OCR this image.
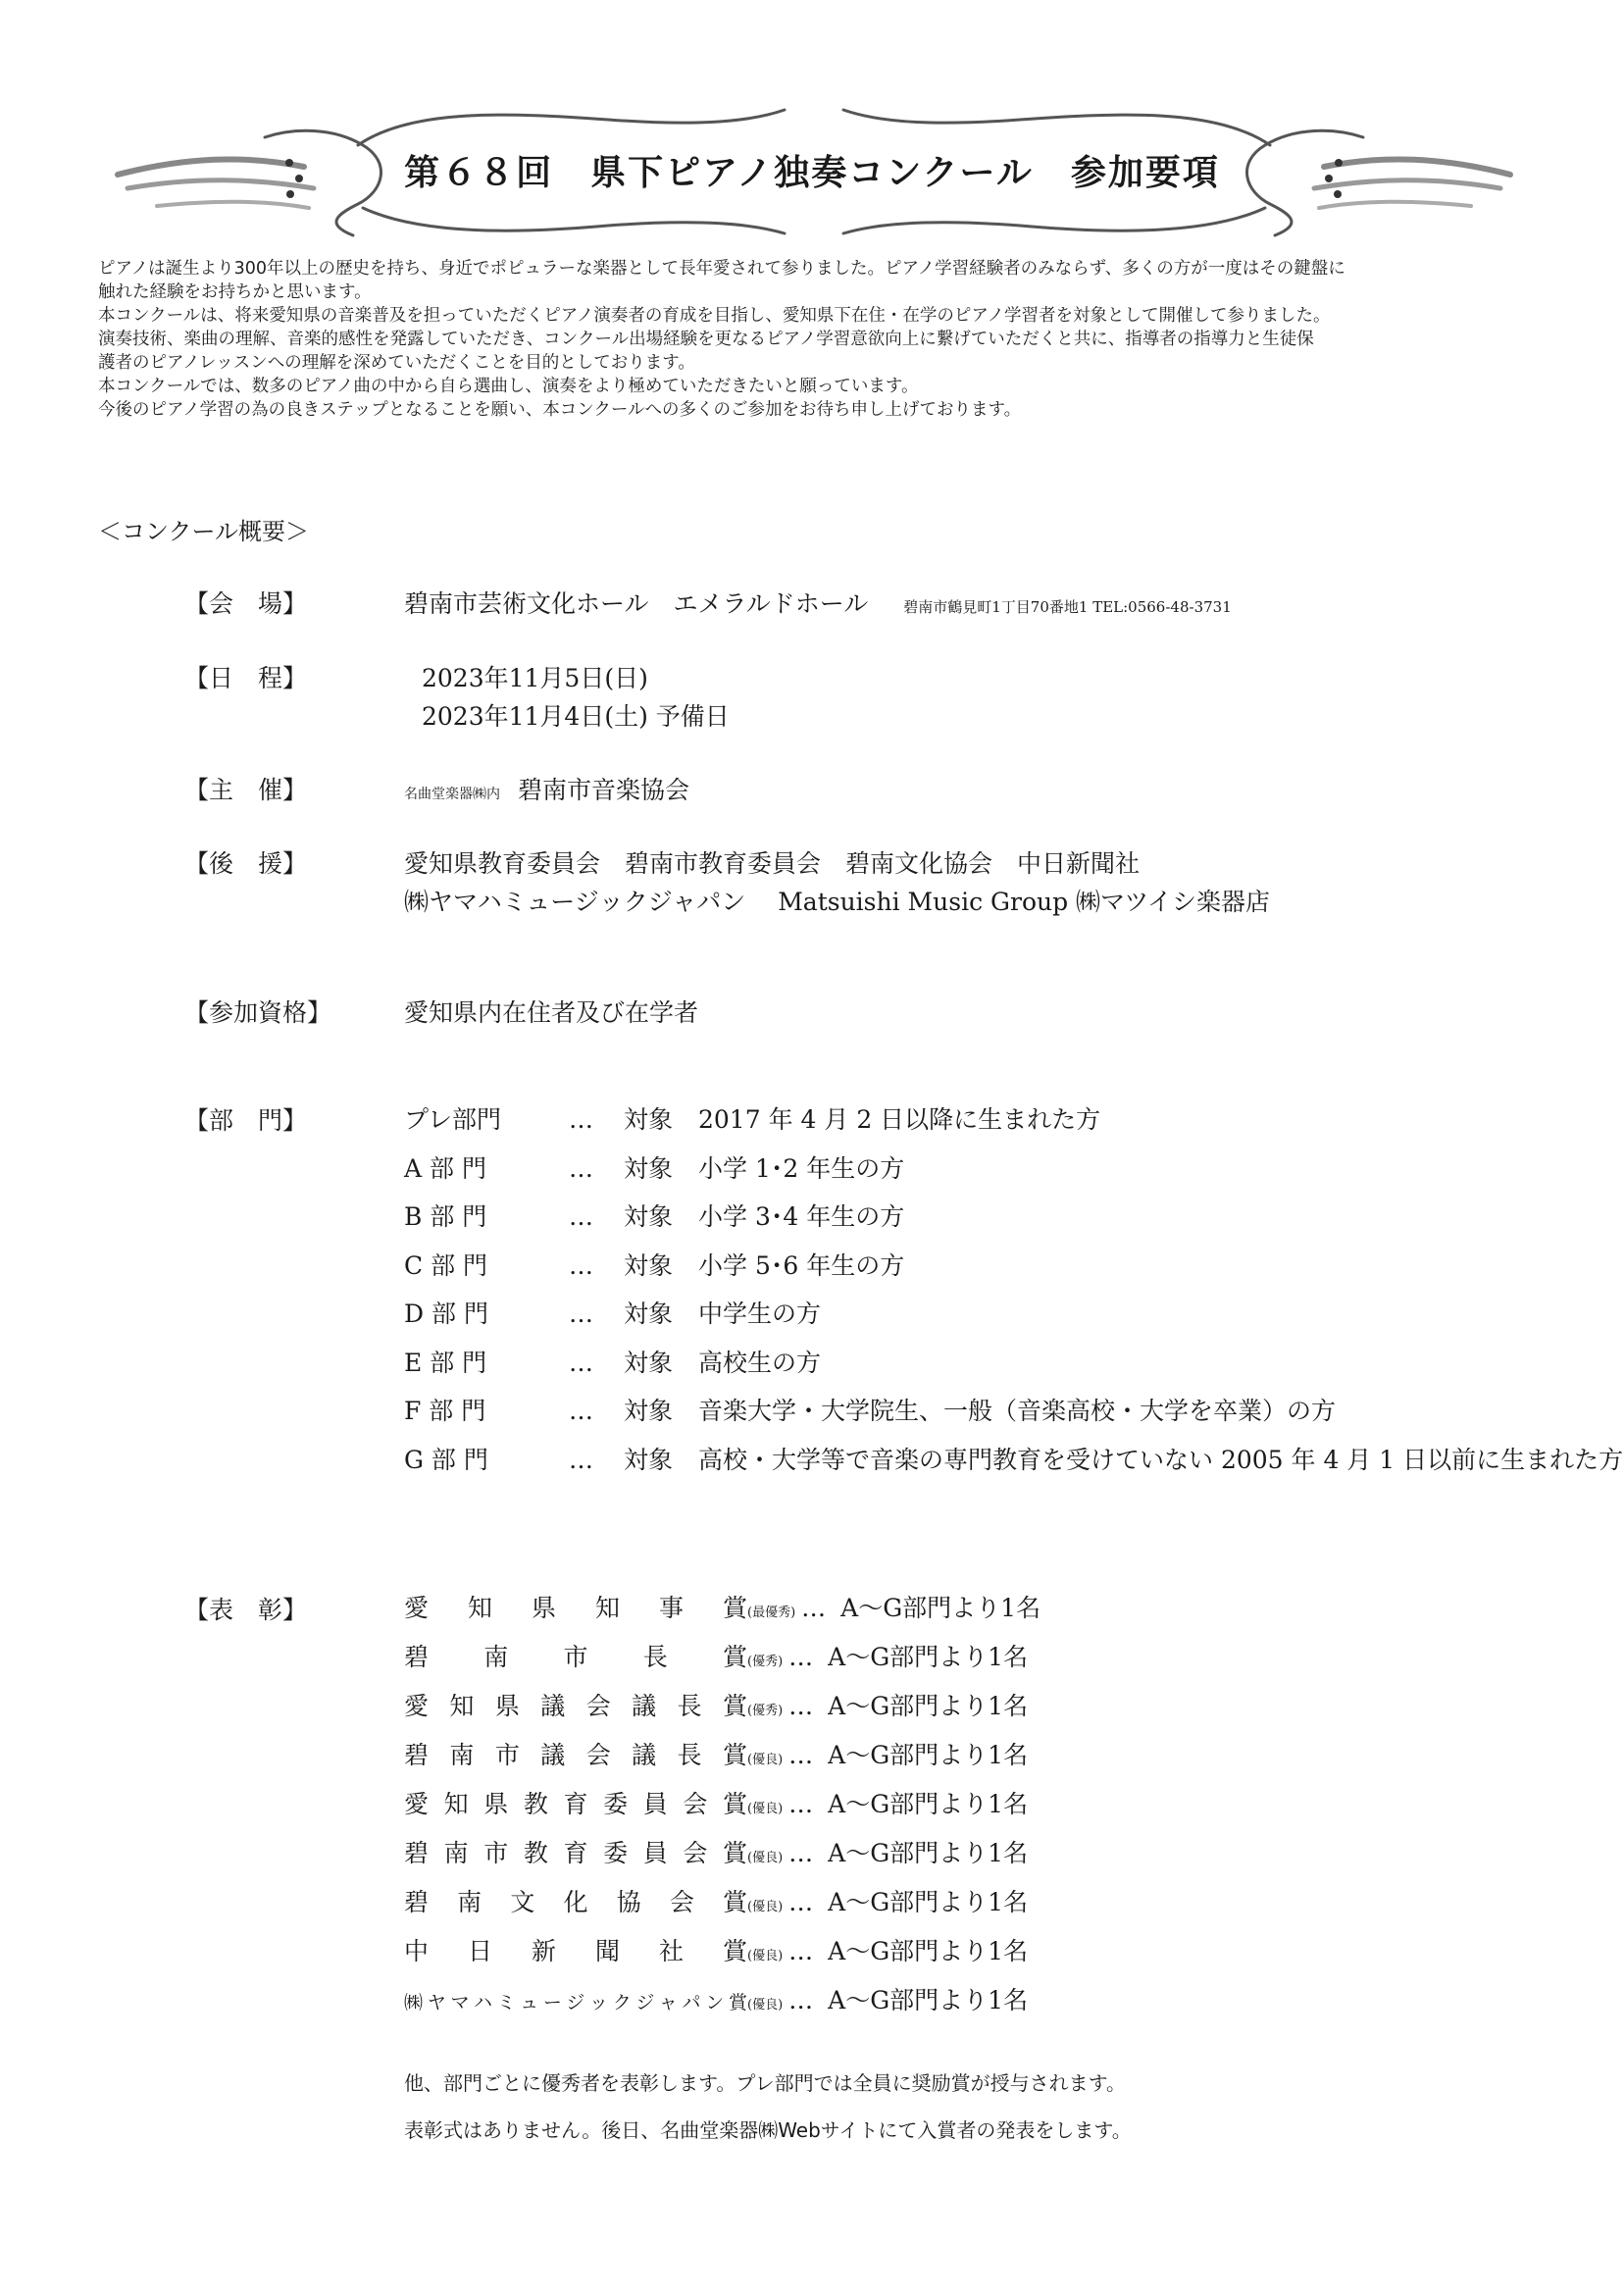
第６８回　県下ピアノ独奏コンクール　参加要項

ピアノは誕生より300年以上の歴史を持ち、身近でポピュラーな楽器として長年愛されて参りました。ピアノ学習経験者のみならず、多くの方が一度はその鍵盤に

触れた経験をお持ちかと思います。

本コンクールは、将来愛知県の音楽普及を担っていただくピアノ演奏者の育成を目指し、愛知県下在住・在学のピアノ学習者を対象として開催して参りました。

演奏技術、楽曲の理解、音楽的感性を発露していただき、コンクール出場経験を更なるピアノ学習意欲向上に繋げていただくと共に、指導者の指導力と生徒保

護者のピアノレッスンへの理解を深めていただくことを目的としております。

本コンクールでは、数多のピアノ曲の中から自ら選曲し、演奏をより極めていただきたいと願っています。

今後のピアノ学習の為の良きステップとなることを願い、本コンクールへの多くのご参加をお待ち申し上げております。

＜コンクール概要＞
【会　場】	碧南市芸術文化ホール　エメラルドホール 碧南市鶴見町1丁目70番地1 TEL:0566-48-3731
【日　程】	2023年11月5日(日)
2023年11月4日(土) 予備日
【主　催】	名曲堂楽器㈱内 碧南市音楽協会
【後　援】	愛知県教育委員会　碧南市教育委員会　碧南文化協会　中日新聞社
㈱ヤマハミュージックジャパン　 Matsuishi Music Group ㈱マツイシ楽器店
【参加資格】	愛知県内在住者及び在学者
【部　門】	プレ部門	… 対象 2017 年 4 月 2 日以降に生まれた方
A 部 門	… 対象 小学 1･2 年生の方
B 部 門	… 対象 小学 3･4 年生の方
C 部 門	… 対象 小学 5･6 年生の方
D 部 門	… 対象 中学生の方
E 部 門	… 対象 高校生の方
F 部 門	… 対象 音楽大学・大学院生、一般（音楽高校・大学を卒業）の方
G 部 門	… 対象 高校・大学等で音楽の専門教育を受けていない 2005 年 4 月 1 日以前に生まれた方
【表　彰】	愛知県知事賞(最優秀) … A～G部門より1名
碧南市長賞(優秀) … A～G部門より1名
愛知県議会議長賞(優秀) … A～G部門より1名
碧南市議会議長賞(優良) … A～G部門より1名
愛知県教育委員会賞(優良) … A～G部門より1名
碧南市教育委員会賞(優良) … A～G部門より1名
碧南文化協会賞(優良) … A～G部門より1名
中日新聞社賞(優良) … A～G部門より1名
㈱ヤマハミュージックジャパン賞(優良) … A～G部門より1名
他、部門ごとに優秀者を表彰します。プレ部門では全員に奨励賞が授与されます。
表彰式はありません。後日、名曲堂楽器㈱Webサイトにて入賞者の発表をします。
